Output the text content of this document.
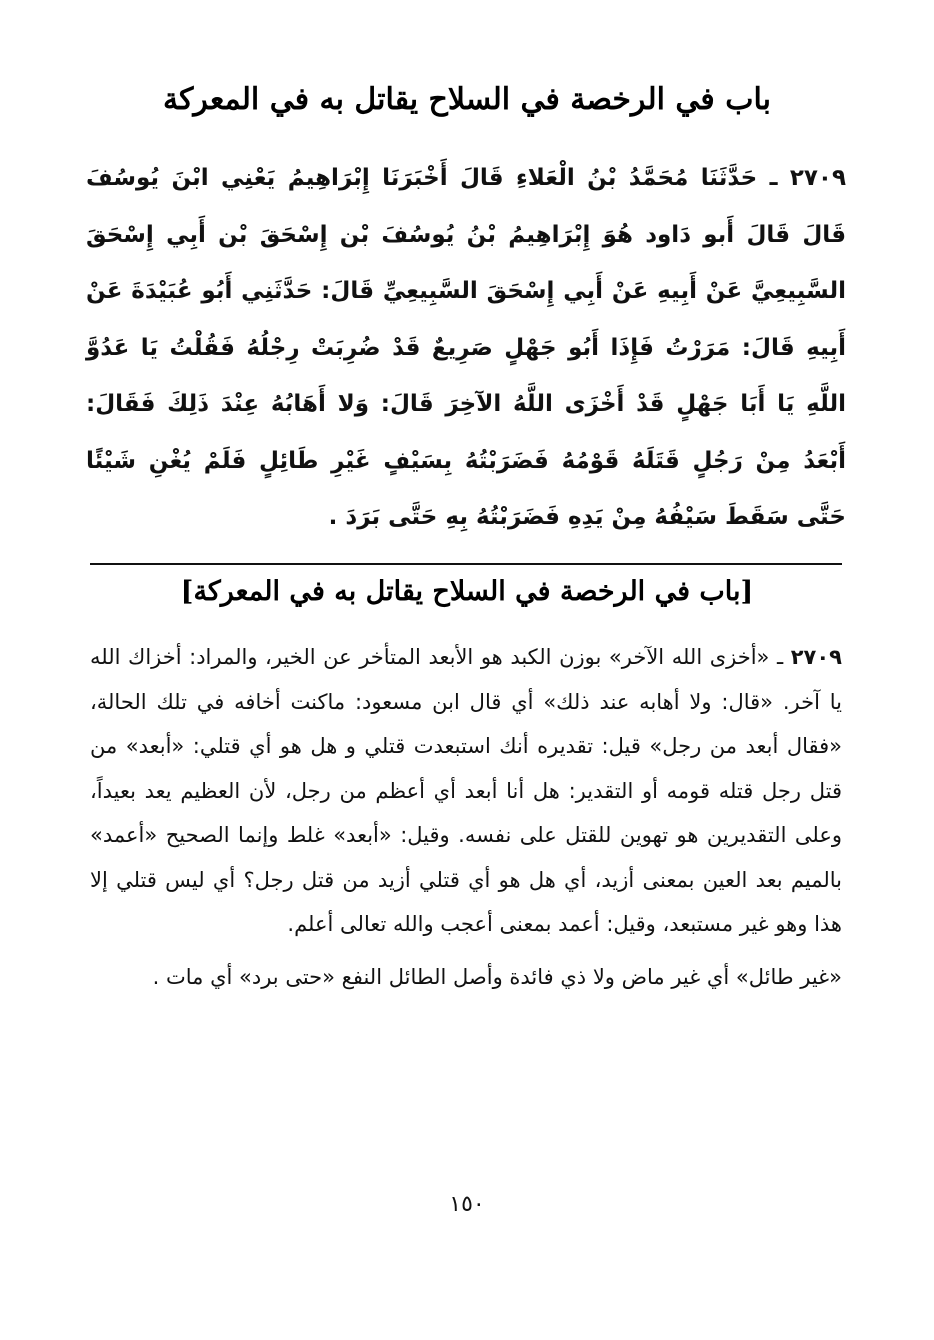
باب في الرخصة في السلاح يقاتل به في المعركة
٢٧٠٩ ـ حَدَّثَنَا مُحَمَّدُ بْنُ الْعَلاءِ قَالَ أَخْبَرَنَا إِبْرَاهِيمُ يَعْنِي ابْنَ يُوسُفَ قَالَ قَالَ أَبو دَاود هُوَ إِبْرَاهِيمُ بْنُ يُوسُفَ بْن إِسْحَقَ بْن أَبِي إِسْحَقَ السَّبِيعِيَّ عَنْ أَبِيهِ عَنْ أَبِي إِسْحَقَ السَّبِيعِيِّ قَالَ: حَدَّثَنِي أَبُو عُبَيْدَةَ عَنْ أَبِيهِ قَالَ: مَرَرْتُ فَإِذَا أَبُو جَهْلٍ صَرِيعٌ قَدْ ضُرِبَتْ رِجْلُهُ فَقُلْتُ يَا عَدُوَّ اللَّهِ يَا أَبَا جَهْلٍ قَدْ أَخْزَى اللَّهُ الآخِرَ قَالَ: وَلا أَهَابُهُ عِنْدَ ذَلِكَ فَقَالَ: أَبْعَدُ مِنْ رَجُلٍ قَتَلَهُ قَوْمُهُ فَضَرَبْتُهُ بِسَيْفٍ غَيْرِ طَائِلٍ فَلَمْ يُغْنِ شَيْئًا حَتَّى سَقَطَ سَيْفُهُ مِنْ يَدِهِ فَضَرَبْتُهُ بِهِ حَتَّى بَرَدَ .
[باب في الرخصة في السلاح يقاتل به في المعركة]

٢٧٠٩ ـ «أخزى الله الآخر» بوزن الكبد هو الأبعد المتأخر عن الخير، والمراد: أخزاك الله يا آخر. «قال: ولا أهابه عند ذلك» أي قال ابن مسعود: ماكنت أخافه في تلك الحالة، «فقال أبعد من رجل» قيل: تقديره أنك استبعدت قتلي و هل هو أي قتلي: «أبعد» من قتل رجل قتله قومه أو التقدير: هل أنا أبعد أي أعظم من رجل، لأن العظيم يعد بعيداً، وعلى التقديرين هو تهوين للقتل على نفسه. وقيل: «أبعد» غلط وإنما الصحيح «أعمد» بالميم بعد العين بمعنى أزيد، أي هل هو أي قتلي أزيد من قتل رجل؟ أي ليس قتلي إلا هذا وهو غير مستبعد، وقيل: أعمد بمعنى أعجب والله تعالى أعلم.

«غير طائل» أي غير ماض ولا ذي فائدة وأصل الطائل النفع «حتى برد» أي مات .

١٥٠
